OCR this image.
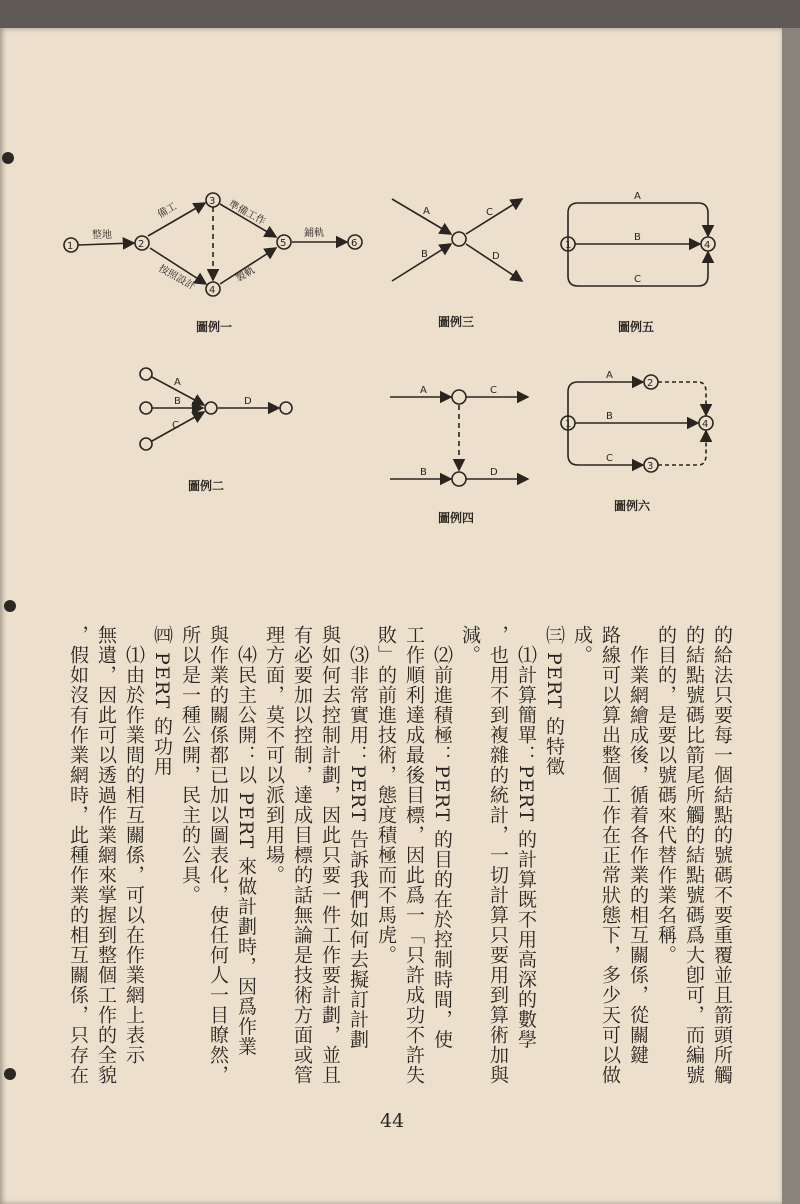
1	2
3
4
5	6
整地
備工	準備工作
按照設計	製軌
鋪軌
圖例一
A
B
C
D
圖例二
A
B
C
D
圖例三
A	C
B	D
圖例四
A
B
C
1	4
圖例五
A
B
C
1
2
4
3
圖例六
的給法只要每一個結點的號碼不要重覆並且箭頭所觸
的結點號碼比箭尾所觸的結點號碼爲大卽可，而編號
的目的，是要以號碼來代替作業名稱。
　作業網繪成後，循着各作業的相互關係，從關鍵
路線可以算出整個工作在正常狀態下，多少天可以做
成。
㈢ PERT 的特徵
　⑴計算簡單：PERT 的計算既不用高深的數學
，也用不到複雜的統計，一切計算只要用到算術加與
減。
　⑵前進積極：PERT 的目的在於控制時間，使
工作順利達成最後目標，因此爲一「只許成功不許失
敗」的前進技術，態度積極而不馬虎。
　⑶非常實用：PERT 告訴我們如何去擬訂計劃
與如何去控制計劃，因此只要一件工作要計劃，並且
有必要加以控制，達成目標的話無論是技術方面或管
理方面，莫不可以派到用場。
　⑷民主公開：以 PERT 來做計劃時，因爲作業
與作業的關係都已加以圖表化，使任何人一目瞭然，
所以是一種公開，民主的公具。
㈣ PERT 的功用
　⑴由於作業間的相互關係，可以在作業網上表示
無遺，因此可以透過作業網來掌握到整個工作的全貌
，假如沒有作業網時，此種作業的相互關係，只存在
44
